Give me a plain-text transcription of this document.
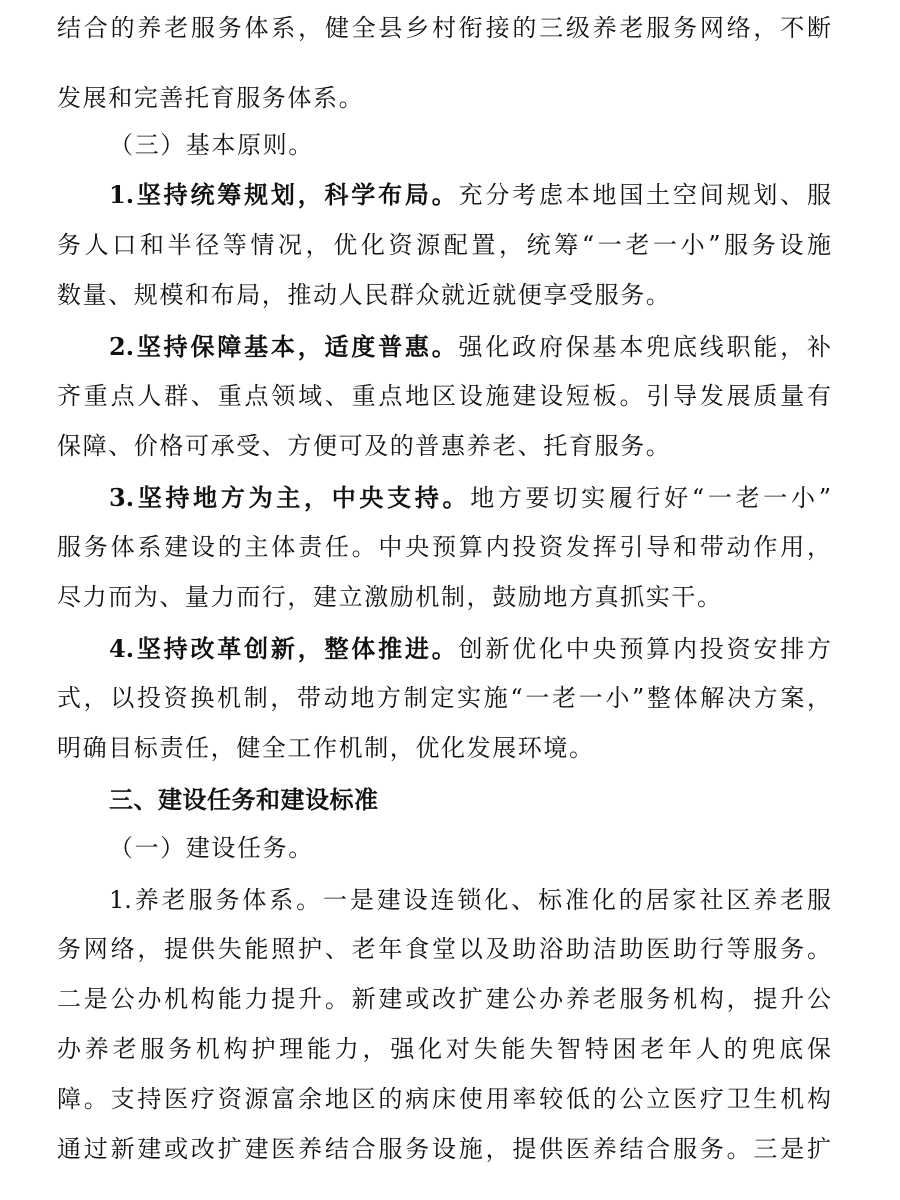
结合的养老服务体系，健全县乡村衔接的三级养老服务网络，不断
发展和完善托育服务体系。
（三）基本原则。
1.坚持统筹规划，科学布局。充分考虑本地国土空间规划、服
务人口和半径等情况，优化资源配置，统筹“一老一小”服务设施
数量、规模和布局，推动人民群众就近就便享受服务。
2.坚持保障基本，适度普惠。强化政府保基本兜底线职能，补
齐重点人群、重点领域、重点地区设施建设短板。引导发展质量有
保障、价格可承受、方便可及的普惠养老、托育服务。
3.坚持地方为主，中央支持。地方要切实履行好“一老一小”
服务体系建设的主体责任。中央预算内投资发挥引导和带动作用，
尽力而为、量力而行，建立激励机制，鼓励地方真抓实干。
4.坚持改革创新，整体推进。创新优化中央预算内投资安排方
式，以投资换机制，带动地方制定实施“一老一小”整体解决方案，
明确目标责任，健全工作机制，优化发展环境。
三、建设任务和建设标准
（一）建设任务。
1.养老服务体系。一是建设连锁化、标准化的居家社区养老服
务网络，提供失能照护、老年食堂以及助浴助洁助医助行等服务。
二是公办机构能力提升。新建或改扩建公办养老服务机构，提升公
办养老服务机构护理能力，强化对失能失智特困老年人的兜底保
障。支持医疗资源富余地区的病床使用率较低的公立医疗卫生机构
通过新建或改扩建医养结合服务设施，提供医养结合服务。三是扩
